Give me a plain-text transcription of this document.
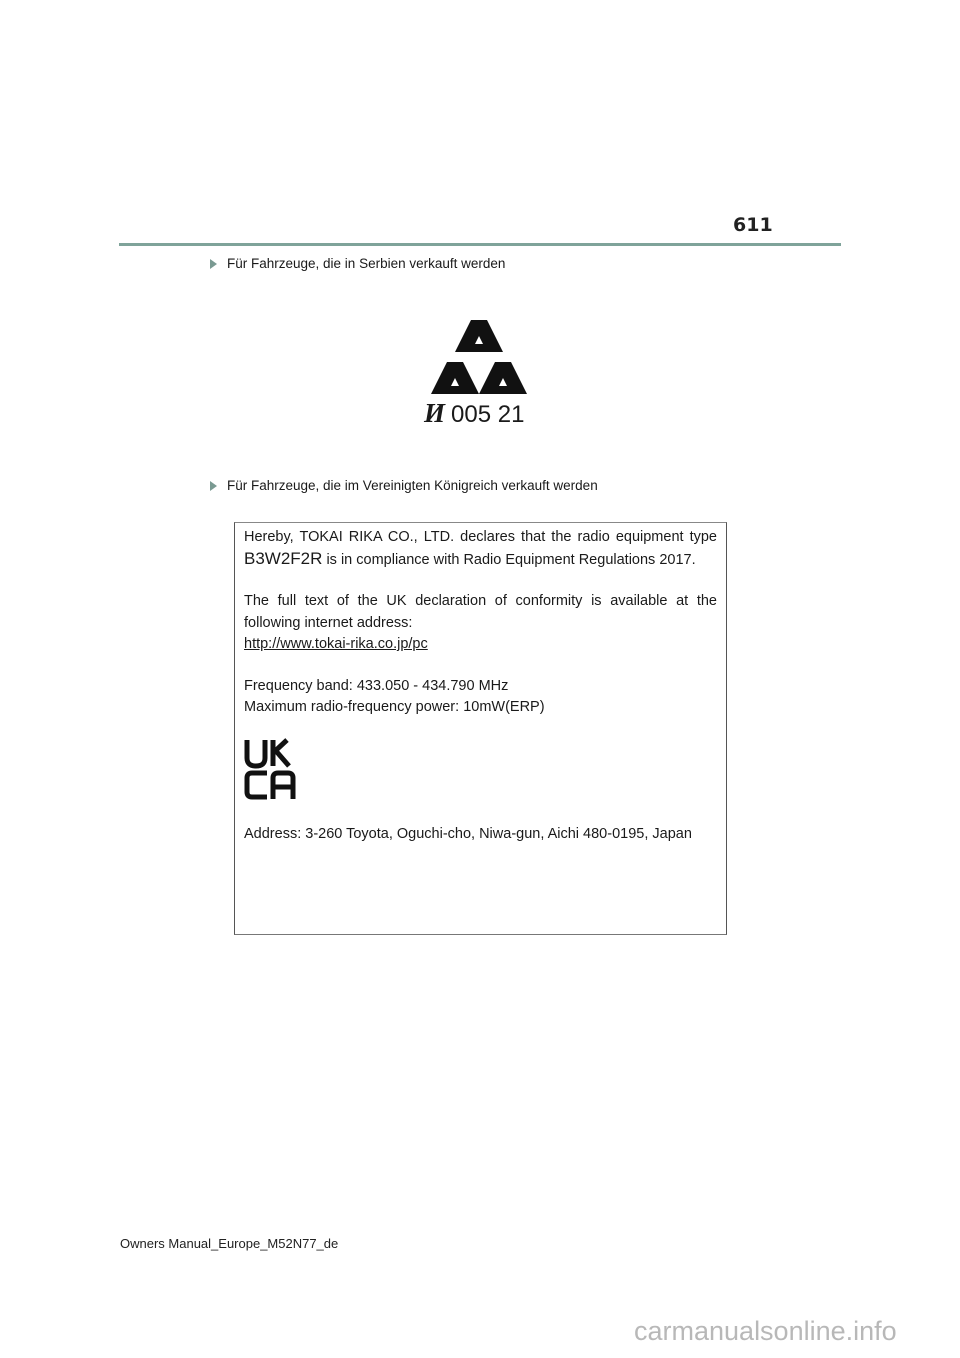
611
Für Fahrzeuge, die in Serbien verkauft werden
И 005 21
Für Fahrzeuge, die im Vereinigten Königreich verkauft werden
Hereby, TOKAI RIKA CO., LTD. declares that the radio equipment type
B3W2F2R is in compliance with Radio Equipment Regulations 2017.
The full text of the UK declaration of conformity is available at the
following internet address:
http://www.tokai-rika.co.jp/pc
Frequency band: 433.050 - 434.790 MHz
Maximum radio-frequency power: 10mW(ERP)
Address: 3-260 Toyota, Oguchi-cho, Niwa-gun, Aichi 480-0195, Japan
Owners Manual_Europe_M52N77_de
carmanualsonline.info
